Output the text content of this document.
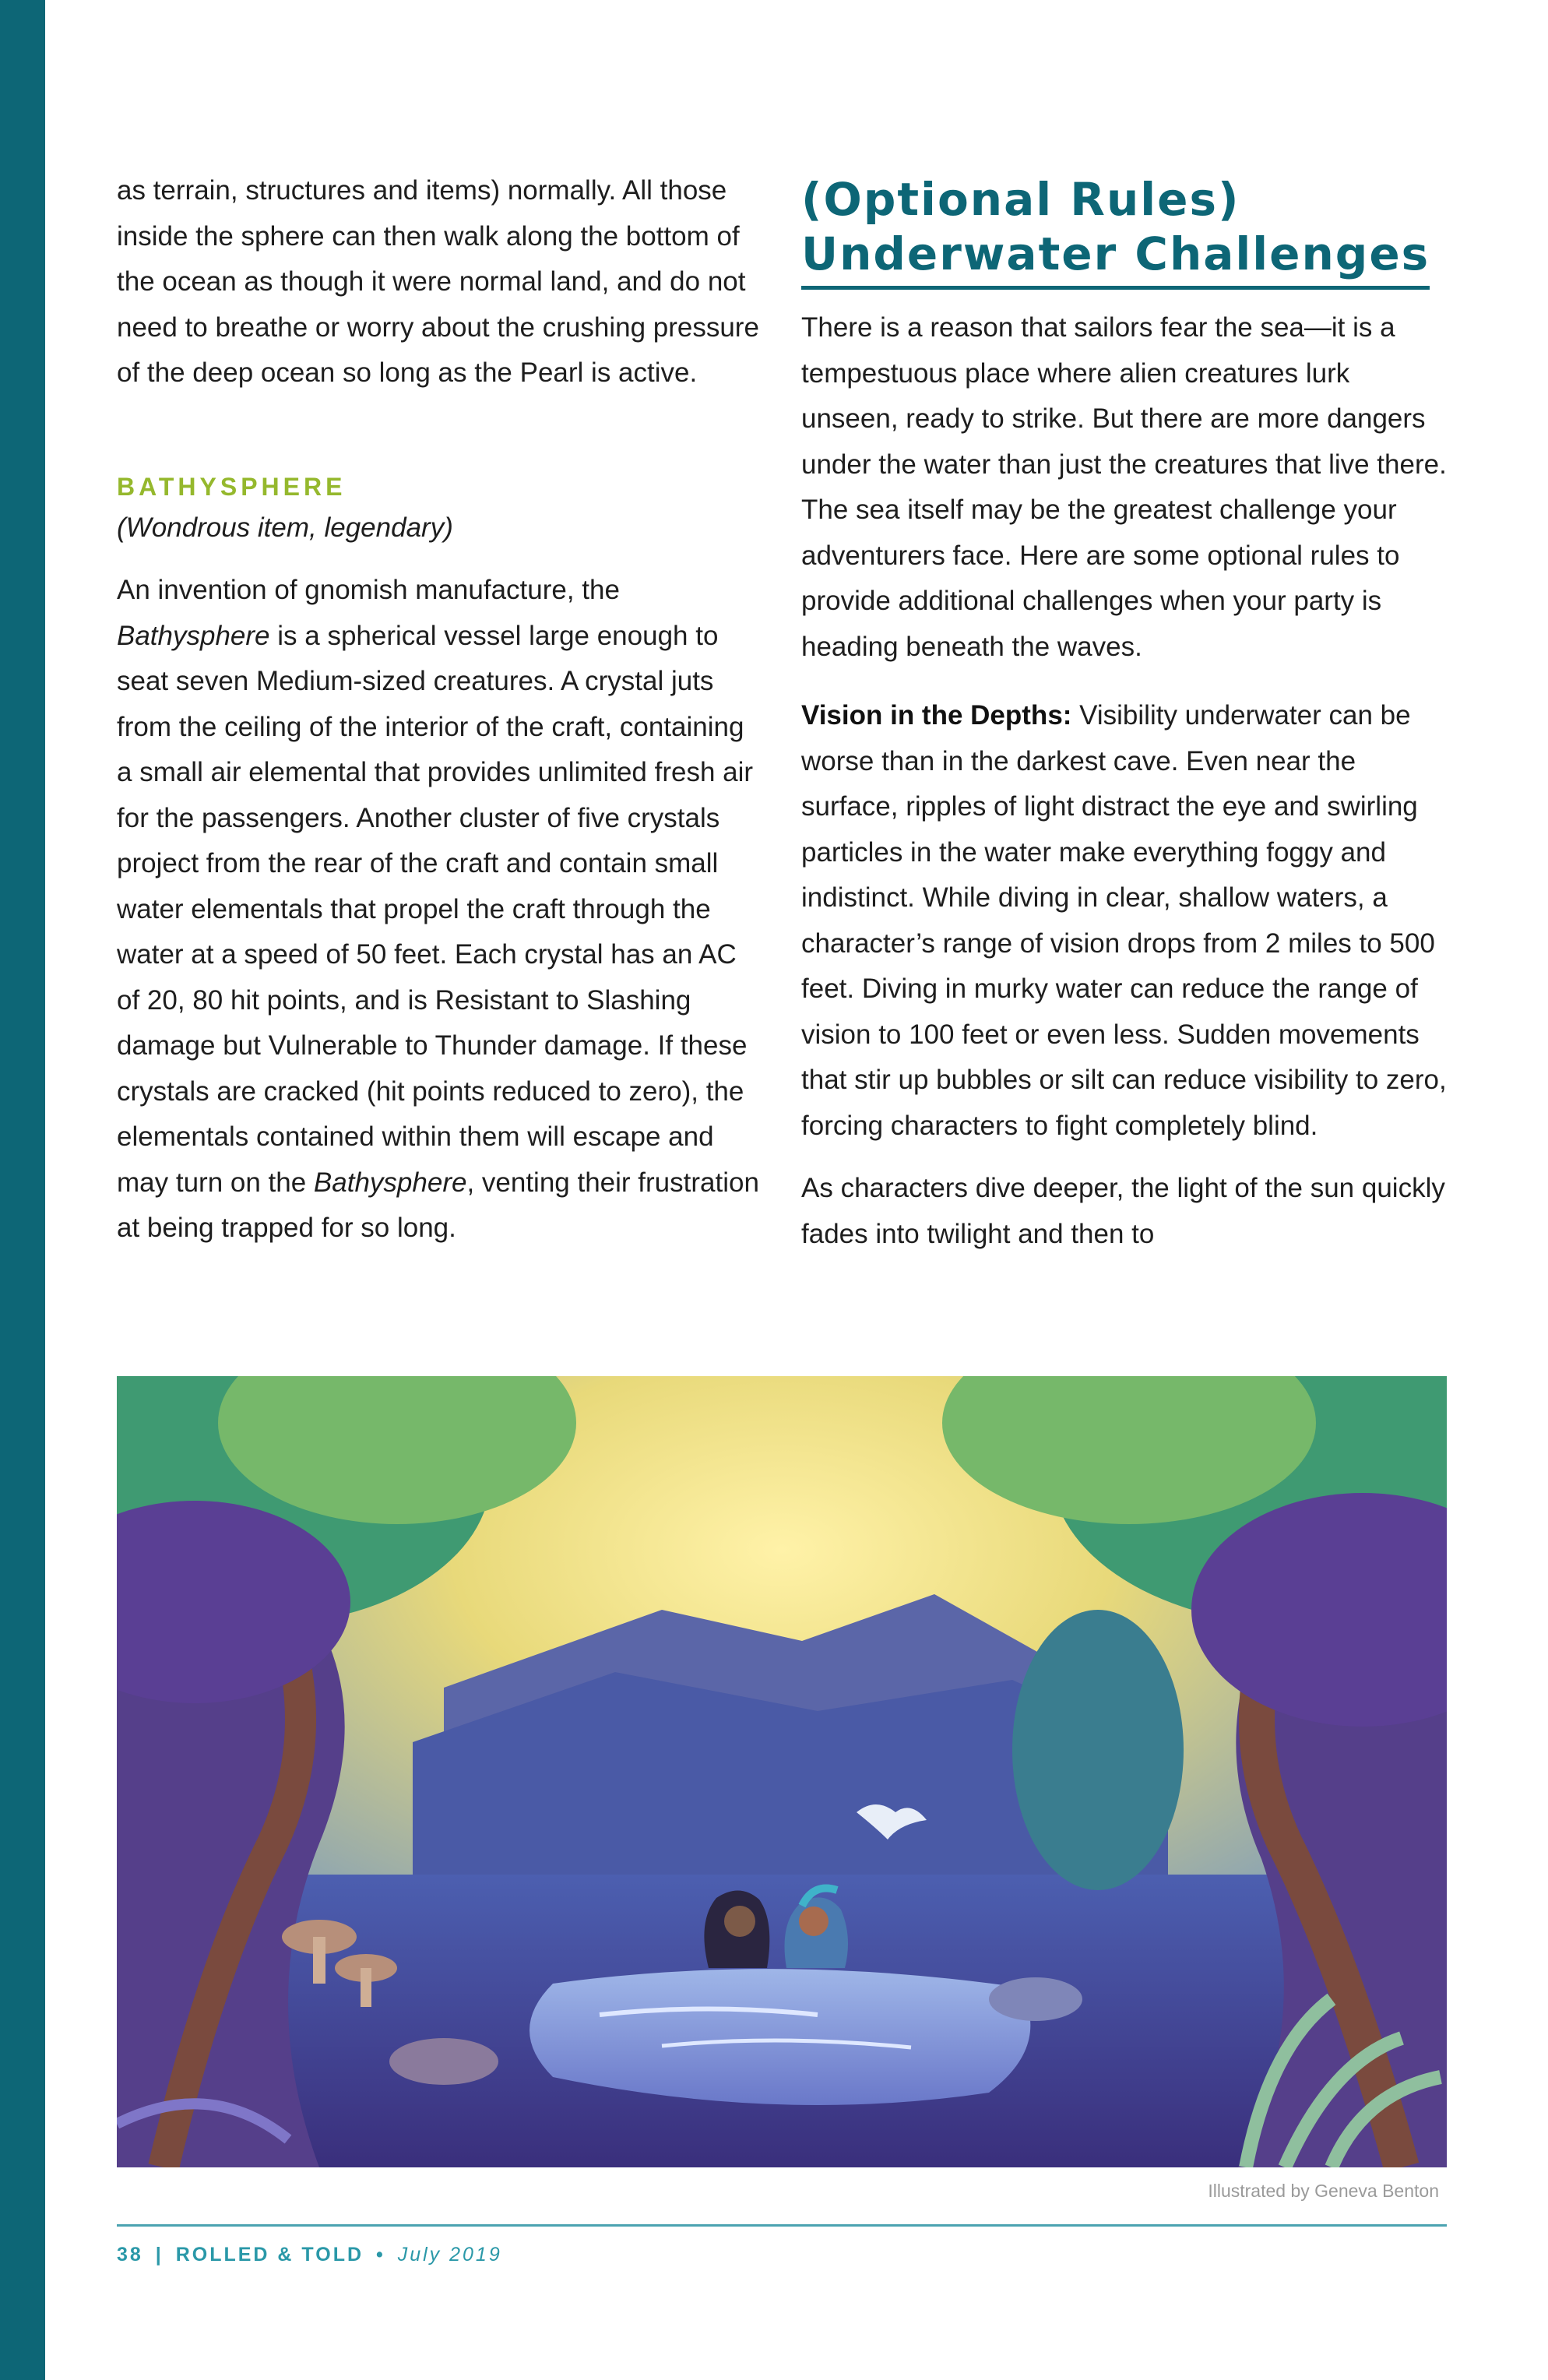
as terrain, structures and items) normally. All those inside the sphere can then walk along the bottom of the ocean as though it were normal land, and do not need to breathe or worry about the crushing pressure of the deep ocean so long as the Pearl is active.

BATHYSPHERE

(Wondrous item, legendary)

An invention of gnomish manufacture, the Bathysphere is a spherical vessel large enough to seat seven Medium-sized creatures. A crystal juts from the ceiling of the interior of the craft, containing a small air elemental that provides unlimited fresh air for the passengers. Another cluster of five crystals project from the rear of the craft and contain small water elementals that propel the craft through the water at a speed of 50 feet. Each crystal has an AC of 20, 80 hit points, and is Resistant to Slashing damage but Vulnerable to Thunder damage. If these crystals are cracked (hit points reduced to zero), the elementals contained within them will escape and may turn on the Bathysphere, venting their frustration at being trapped for so long.

(Optional Rules)
Underwater Challenges

There is a reason that sailors fear the sea—it is a tempestuous place where alien creatures lurk unseen, ready to strike. But there are more dangers under the water than just the creatures that live there. The sea itself may be the greatest challenge your adventurers face. Here are some optional rules to provide additional challenges when your party is heading beneath the waves.

Vision in the Depths: Visibility underwater can be worse than in the darkest cave. Even near the surface, ripples of light distract the eye and swirling particles in the water make everything foggy and indistinct. While diving in clear, shallow waters, a character’s range of vision drops from 2 miles to 500 feet. Diving in murky water can reduce the range of vision to 100 feet or even less. Sudden movements that stir up bubbles or silt can reduce visibility to zero, forcing characters to fight completely blind.

As characters dive deeper, the light of the sun quickly fades into twilight and then to

Illustrated by Geneva Benton
38 | ROLLED & TOLD • July 2019
